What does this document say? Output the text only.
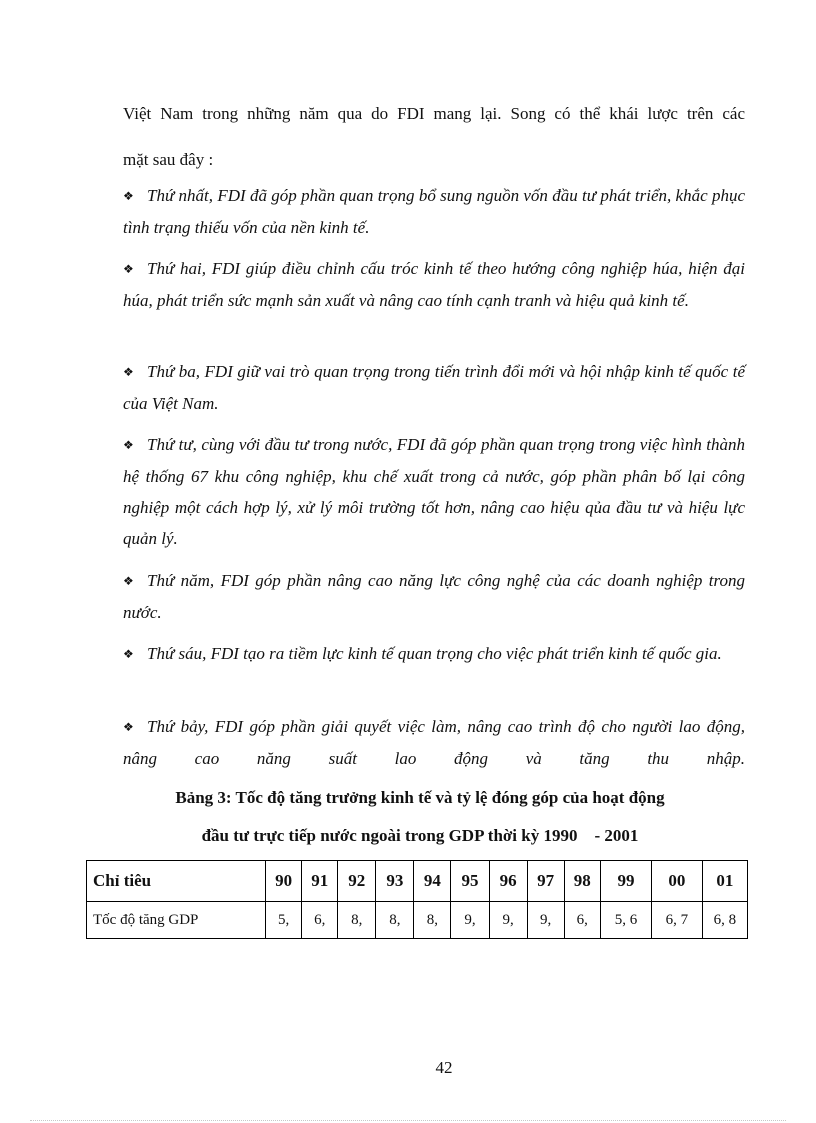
Việt Nam trong những năm qua do FDI mang lại. Song có thể khái lược trên các

mặt sau đây :

❖ Thứ nhất, FDI đã góp phần quan trọng bổ sung nguồn vốn đầu tư phát triển, khắc phục tình trạng thiếu vốn của nền kinh tế.

❖ Thứ hai, FDI giúp điều chỉnh cấu tróc kinh tế theo hướng công nghiệp húa, hiện đại húa, phát triển sức mạnh sản xuất và nâng cao tính cạnh tranh và hiệu quả kinh tế.

❖ Thứ ba, FDI giữ vai trò quan trọng trong tiến trình đổi mới và hội nhập kinh tế quốc tế của Việt Nam.

❖ Thứ tư, cùng với đầu tư trong nước, FDI đã góp phần quan trọng trong việc hình thành hệ thống 67 khu công nghiệp, khu chế xuất trong cả nước, góp phần phân bố lại công nghiệp một cách hợp lý, xử lý môi trường tốt hơn, nâng cao hiệu qủa đầu tư và hiệu lực quản lý.

❖ Thứ năm, FDI góp phần nâng cao năng lực công nghệ của các doanh nghiệp trong nước.

❖ Thứ sáu, FDI tạo ra tiềm lực kinh tế quan trọng cho việc phát triển kinh tế quốc gia.

❖ Thứ bảy, FDI góp phần giải quyết việc làm, nâng cao trình độ cho người lao động, nâng cao năng suất lao động và tăng thu nhập.

Bảng 3: Tốc độ tăng trưởng kinh tế và tỷ lệ đóng góp của hoạt động

đầu tư trực tiếp nước ngoài trong GDP thời kỳ 1990    - 2001

Chỉ tiêu	90	91	92	93	94	95	96	97	98	99	00	01
Tốc độ tăng GDP	5,	6,	8,	8,	8,	9,	9,	9,	6,	5, 6	6, 7	6, 8
42
